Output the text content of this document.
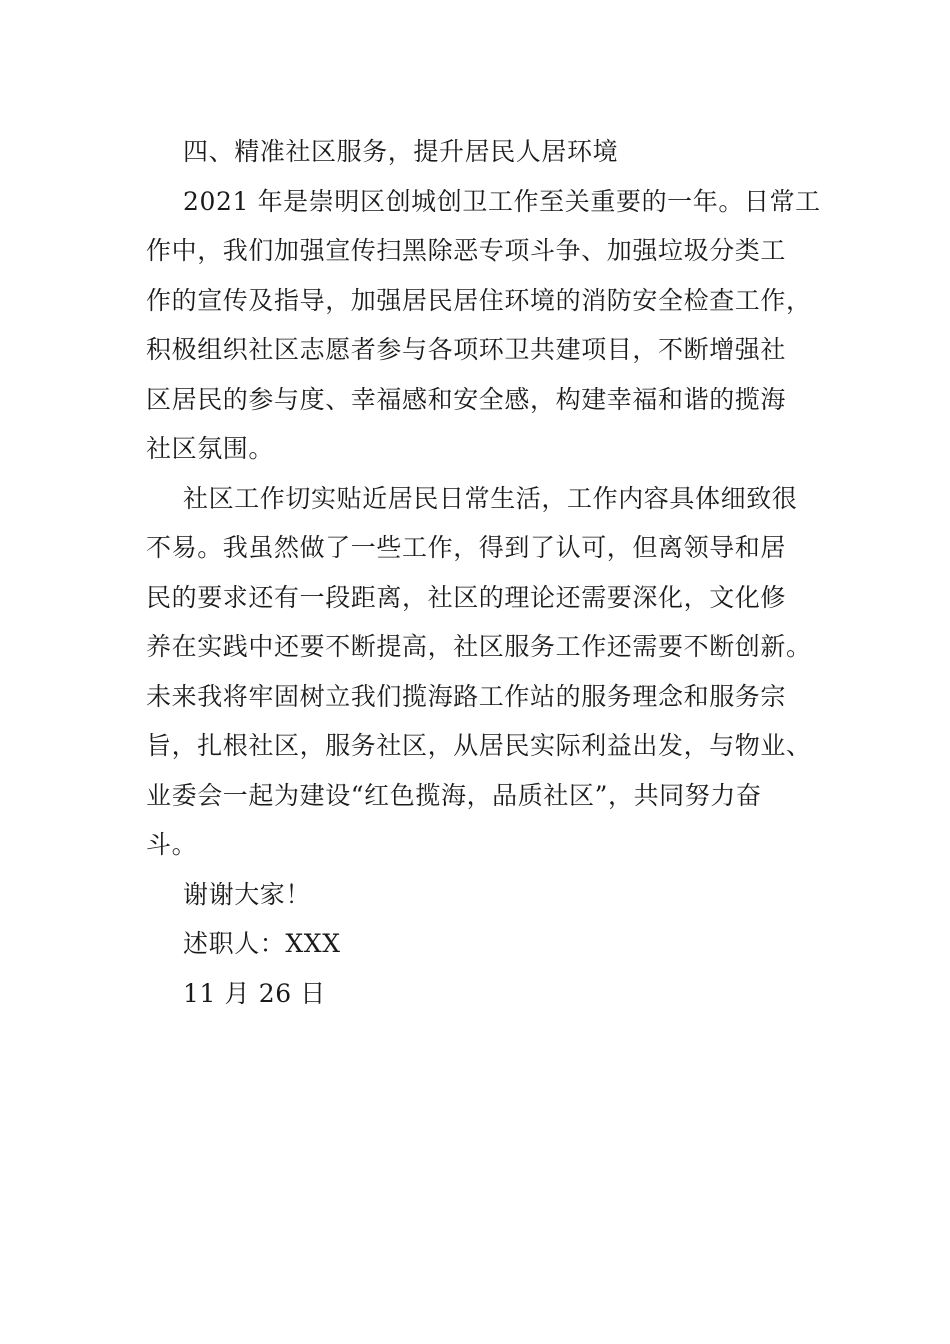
四、精准社区服务，提升居民人居环境
2021 年是崇明区创城创卫工作至关重要的一年。日常工
作中，我们加强宣传扫黑除恶专项斗争、加强垃圾分类工
作的宣传及指导，加强居民居住环境的消防安全检查工作，
积极组织社区志愿者参与各项环卫共建项目，不断增强社
区居民的参与度、幸福感和安全感，构建幸福和谐的揽海
社区氛围。
社区工作切实贴近居民日常生活，工作内容具体细致很
不易。我虽然做了一些工作，得到了认可，但离领导和居
民的要求还有一段距离，社区的理论还需要深化，文化修
养在实践中还要不断提高，社区服务工作还需要不断创新。
未来我将牢固树立我们揽海路工作站的服务理念和服务宗
旨，扎根社区，服务社区，从居民实际利益出发，与物业、
业委会一起为建设“红色揽海，品质社区”，共同努力奋
斗。
谢谢大家！
述职人：XXX
11 月 26 日
